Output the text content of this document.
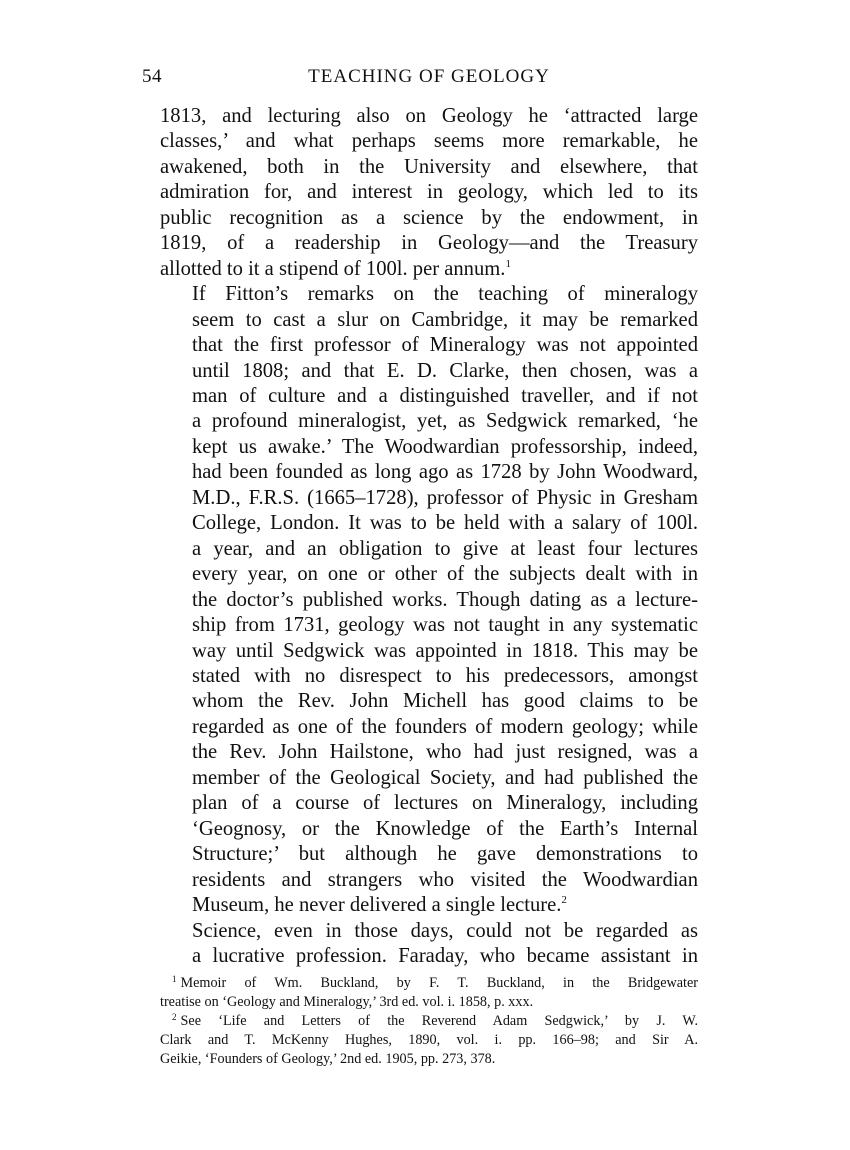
54	TEACHING OF GEOLOGY

1813, and lecturing also on Geology he ‘attracted large
classes,’ and what perhaps seems more remarkable, he
awakened, both in the University and elsewhere, that
admiration for, and interest in geology, which led to its
public recognition as a science by the endowment, in
1819, of a readership in Geology—and the Treasury
allotted to it a stipend of 100l. per annum.$^1$

If Fitton’s remarks on the teaching of mineralogy
seem to cast a slur on Cambridge, it may be remarked
that the first professor of Mineralogy was not appointed
until 1808; and that E. D. Clarke, then chosen, was a
man of culture and a distinguished traveller, and if not
a profound mineralogist, yet, as Sedgwick remarked, ‘he
kept us awake.’ The Woodwardian professorship, indeed,
had been founded as long ago as 1728 by John Woodward,
M.D., F.R.S. (1665–1728), professor of Physic in Gresham
College, London. It was to be held with a salary of 100l.
a year, and an obligation to give at least four lectures
every year, on one or other of the subjects dealt with in
the doctor’s published works. Though dating as a lecture-
ship from 1731, geology was not taught in any systematic
way until Sedgwick was appointed in 1818. This may be
stated with no disrespect to his predecessors, amongst
whom the Rev. John Michell has good claims to be
regarded as one of the founders of modern geology; while
the Rev. John Hailstone, who had just resigned, was a
member of the Geological Society, and had published the
plan of a course of lectures on Mineralogy, including
‘Geognosy, or the Knowledge of the Earth’s Internal
Structure;’ but although he gave demonstrations to
residents and strangers who visited the Woodwardian
Museum, he never delivered a single lecture.$^2$

Science, even in those days, could not be regarded as
a lucrative profession. Faraday, who became assistant in

$^1$ Memoir of Wm. Buckland, by F. T. Buckland, in the Bridgewater
treatise on ‘Geology and Mineralogy,’ 3rd ed. vol. i. 1858, p. xxx.
$^2$ See ‘Life and Letters of the Reverend Adam Sedgwick,’ by J. W.
Clark and T. McKenny Hughes, 1890, vol. i. pp. 166–98; and Sir A.
Geikie, ‘Founders of Geology,’ 2nd ed. 1905, pp. 273, 378.
